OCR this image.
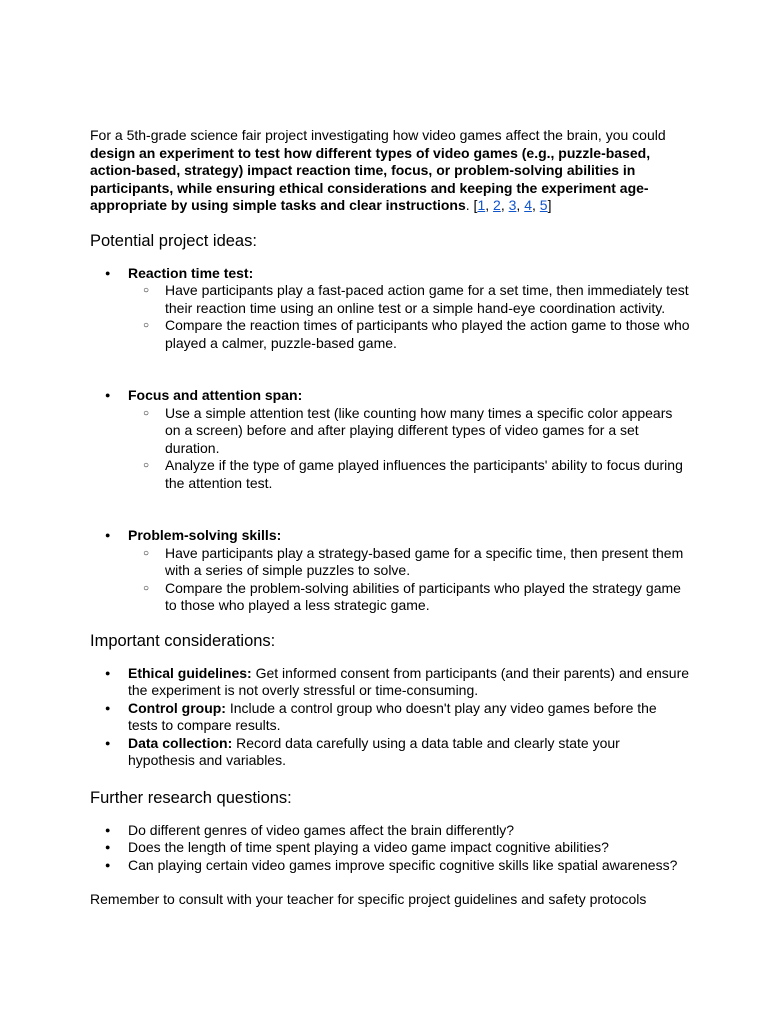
For a 5th-grade science fair project investigating how video games affect the brain, you could design an experiment to test how different types of video games (e.g., puzzle-based, action-based, strategy) impact reaction time, focus, or problem-solving abilities in participants, while ensuring ethical considerations and keeping the experiment age-appropriate by using simple tasks and clear instructions. [1, 2, 3, 4, 5]

Potential project ideas:
● Reaction time test:
○ Have participants play a fast-paced action game for a set time, then immediately test their reaction time using an online test or a simple hand-eye coordination activity.
○ Compare the reaction times of participants who played the action game to those who played a calmer, puzzle-based game.
● Focus and attention span:
○ Use a simple attention test (like counting how many times a specific color appears on a screen) before and after playing different types of video games for a set duration.
○ Analyze if the type of game played influences the participants' ability to focus during the attention test.
● Problem-solving skills:
○ Have participants play a strategy-based game for a specific time, then present them with a series of simple puzzles to solve.
○ Compare the problem-solving abilities of participants who played the strategy game to those who played a less strategic game.
Important considerations:
● Ethical guidelines: Get informed consent from participants (and their parents) and ensure the experiment is not overly stressful or time-consuming.
● Control group: Include a control group who doesn't play any video games before the tests to compare results.
● Data collection: Record data carefully using a data table and clearly state your hypothesis and variables.
Further research questions:
● Do different genres of video games affect the brain differently?
● Does the length of time spent playing a video game impact cognitive abilities?
● Can playing certain video games improve specific cognitive skills like spatial awareness?

Remember to consult with your teacher for specific project guidelines and safety protocols
